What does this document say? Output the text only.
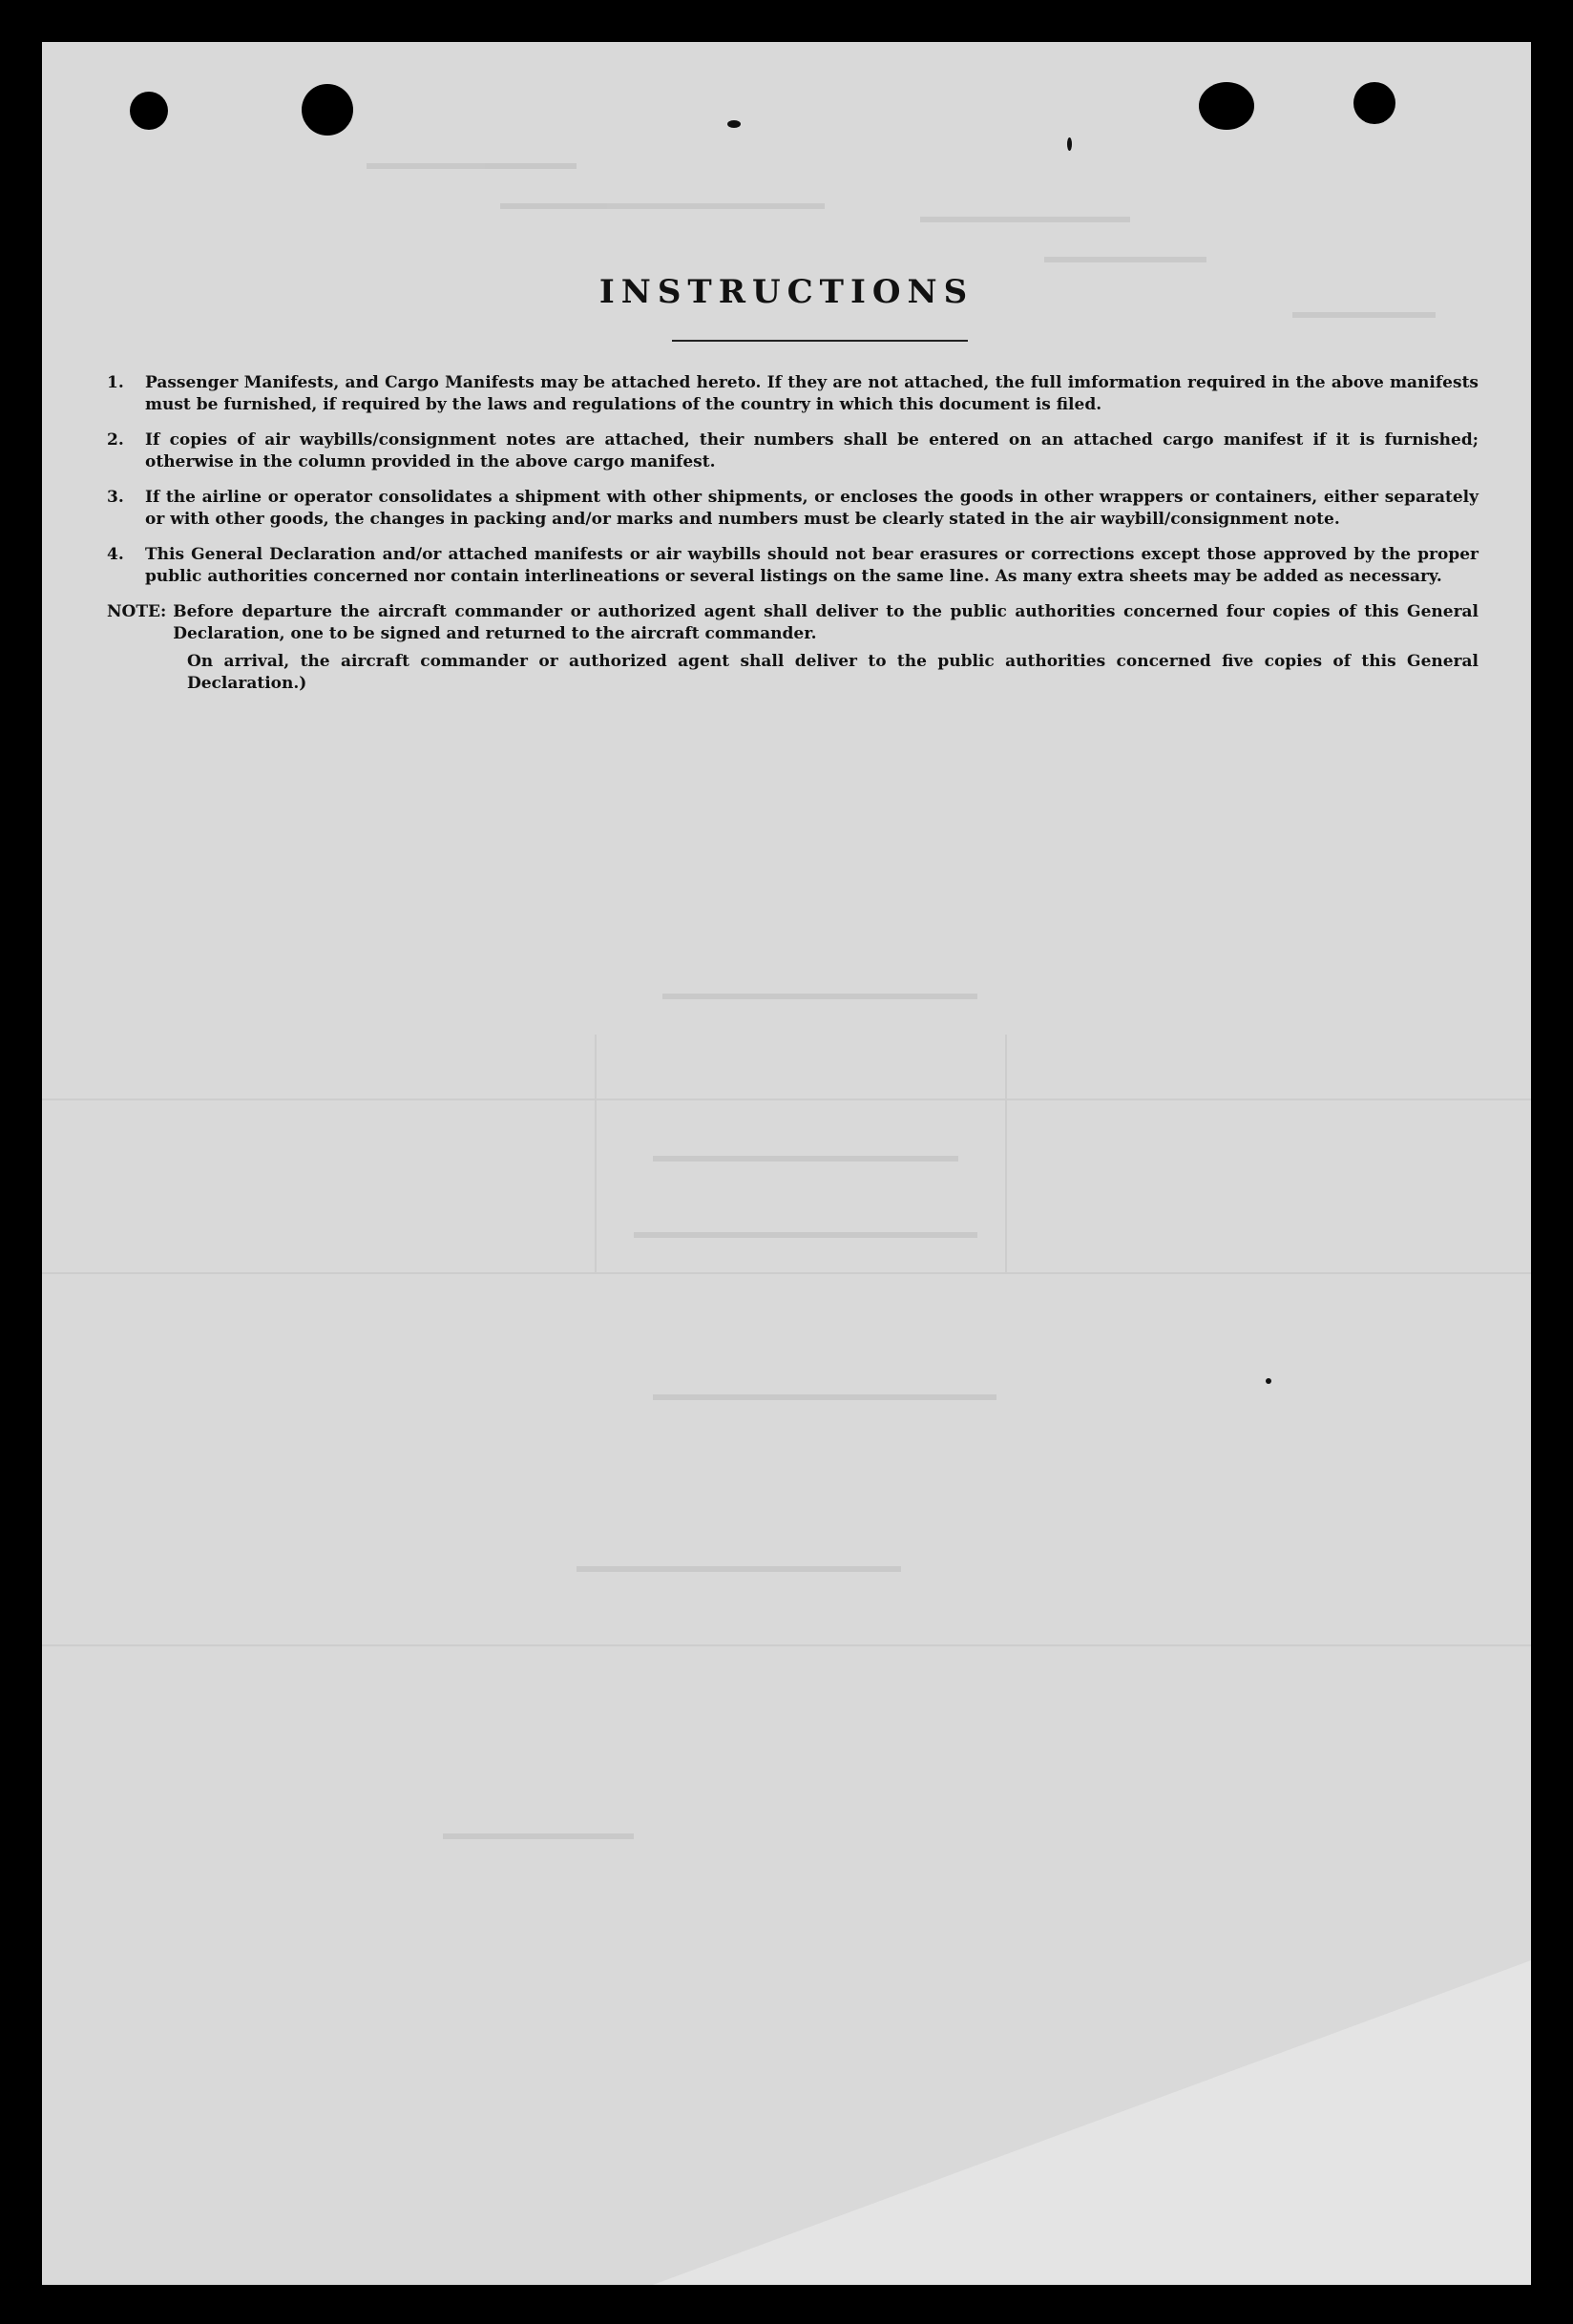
INSTRUCTIONS
1.	Passenger Manifests, and Cargo Manifests may be attached hereto. If they are not attached, the full imformation required in the above manifests must be furnished, if required by the laws and regulations of the country in which this document is filed.
2.	If copies of air waybills/consignment notes are attached, their numbers shall be entered on an attached cargo manifest if it is furnished; otherwise in the column provided in the above cargo manifest.
3.	If the airline or operator consolidates a shipment with other shipments, or encloses the goods in other wrappers or containers, either separately or with other goods, the changes in packing and/or marks and numbers must be clearly stated in the air waybill/consignment note.
4.	This General Declaration and/or attached manifests or air waybills should not bear erasures or corrections except those approved by the proper public authorities concerned nor contain interlineations or several listings on the same line. As many extra sheets may be added as necessary.
NOTE: Before departure the aircraft commander or authorized agent shall deliver to the public authorities concerned four copies of this General Declaration, one to be signed and returned to the aircraft commander.
On arrival, the aircraft commander or authorized agent shall deliver to the public authorities concerned five copies of this General Declaration.)
